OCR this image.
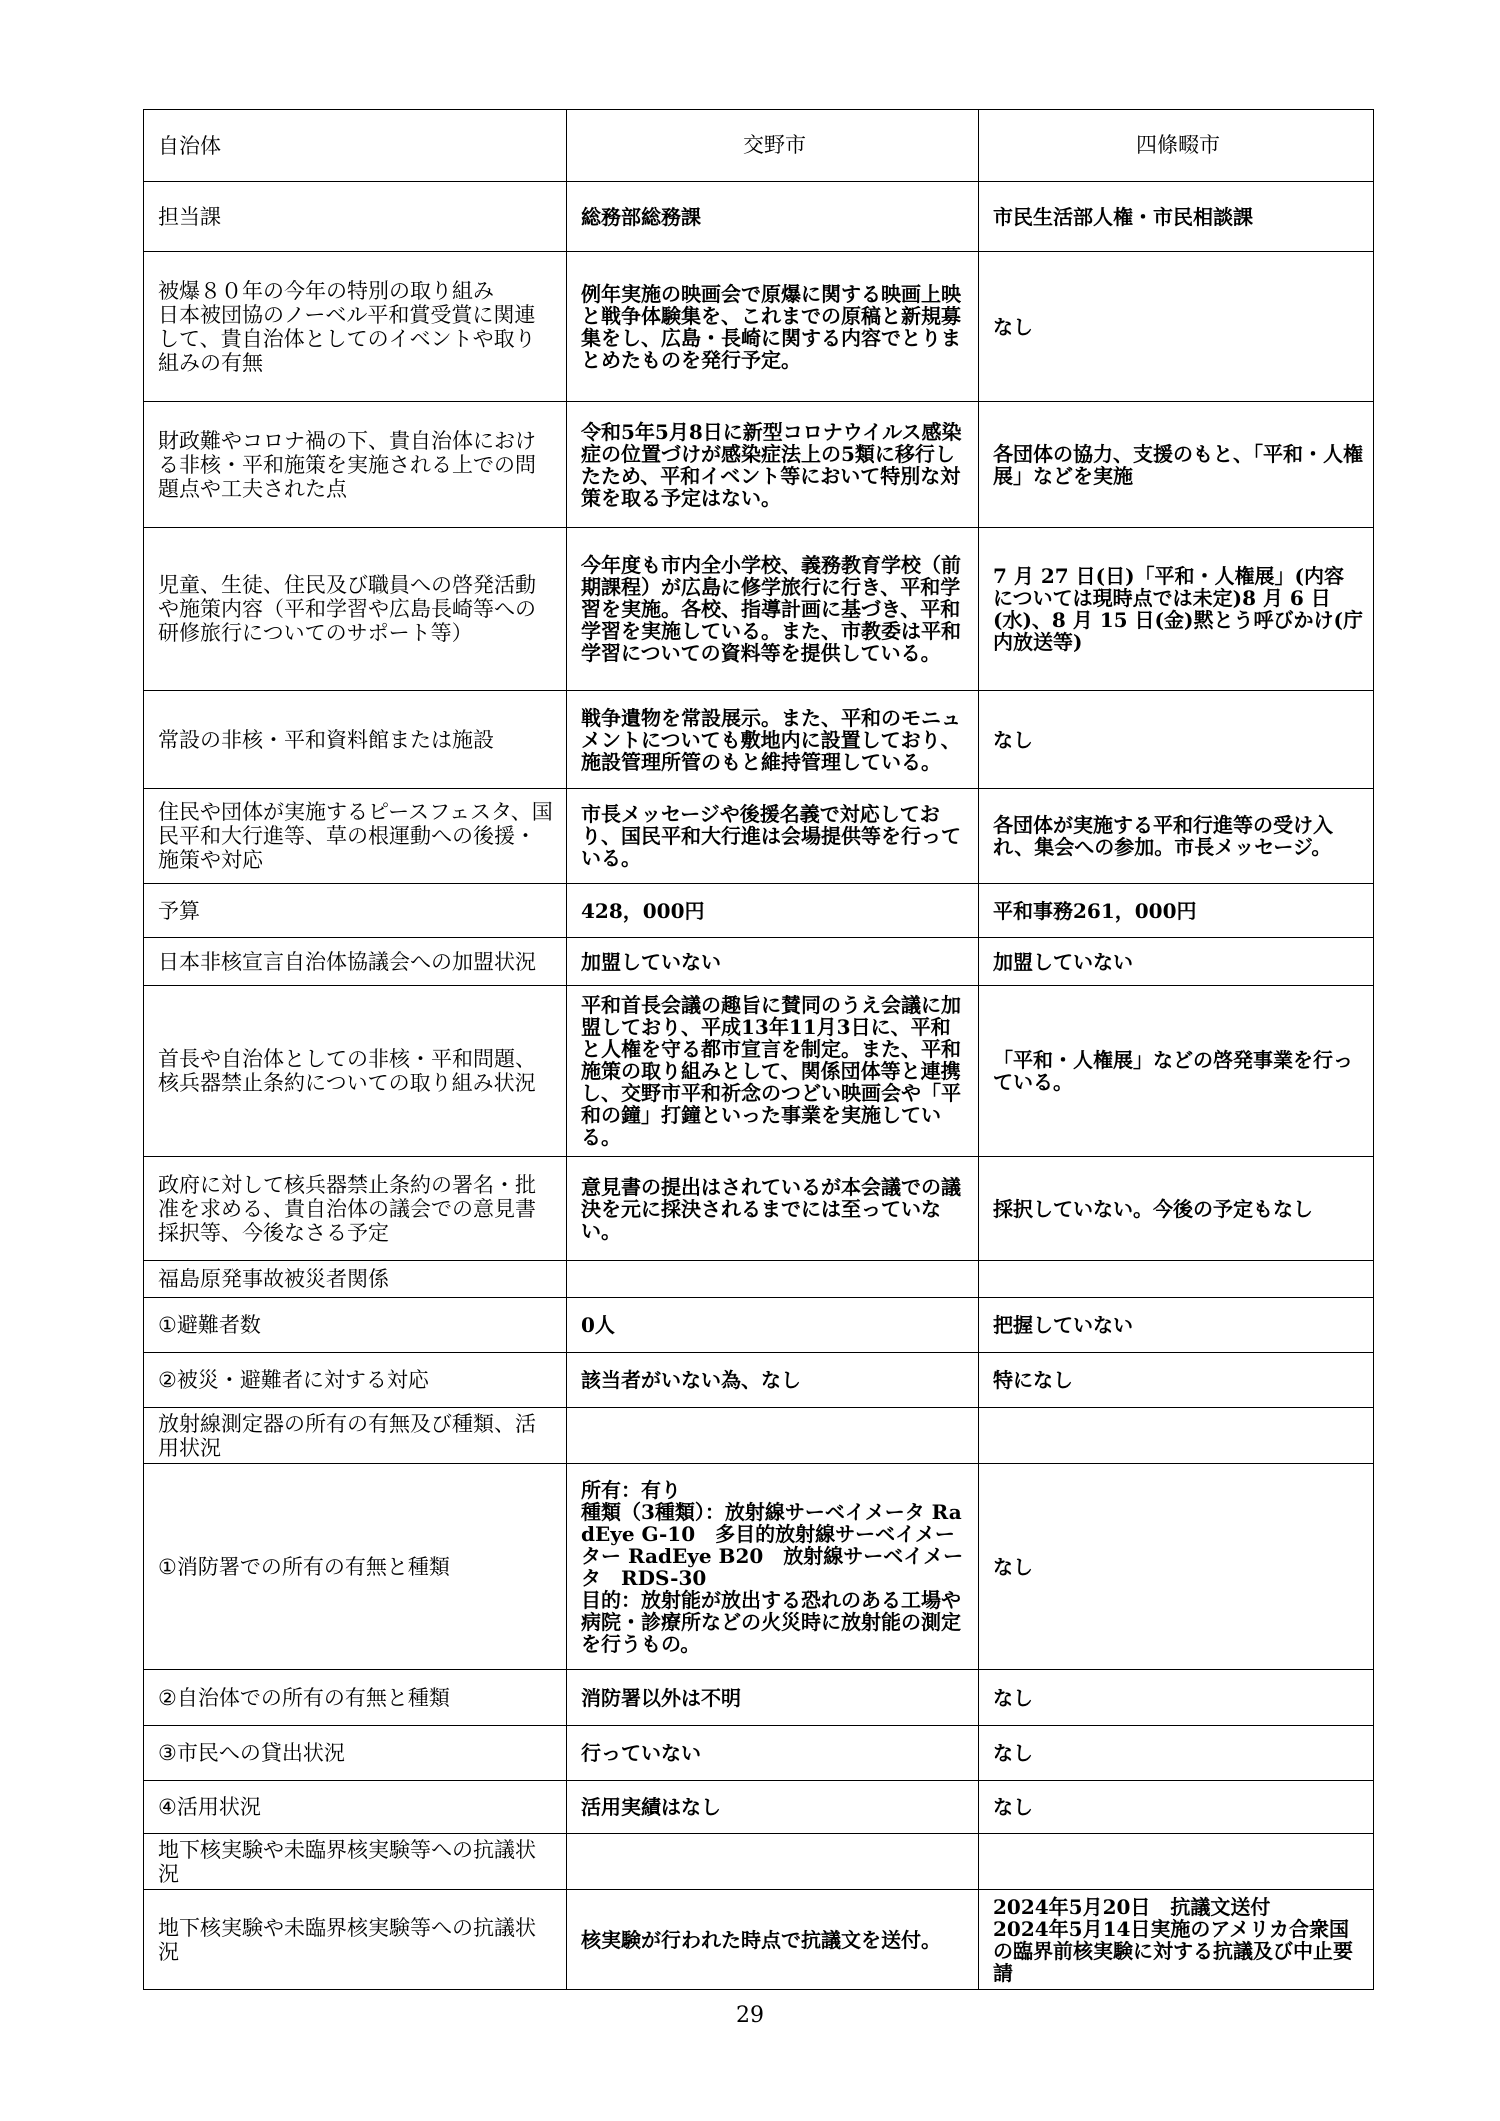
自治体	交野市	四條畷市
担当課	総務部総務課	市民生活部人権・市民相談課
被爆８０年の今年の特別の取り組み
日本被団協のノーベル平和賞受賞に関連して、貴自治体としてのイベントや取り組みの有無	例年実施の映画会で原爆に関する映画上映と戦争体験集を、これまでの原稿と新規募集をし、広島・長崎に関する内容でとりまとめたものを発行予定。	なし
財政難やコロナ禍の下、貴自治体における非核・平和施策を実施される上での問題点や工夫された点	令和5年5月8日に新型コロナウイルス感染症の位置づけが感染症法上の5類に移行したため、平和イベント等において特別な対策を取る予定はない。	各団体の協力、支援のもと、「平和・人権展」などを実施
児童、生徒、住民及び職員への啓発活動や施策内容（平和学習や広島長崎等への研修旅行についてのサポート等）	今年度も市内全小学校、義務教育学校（前期課程）が広島に修学旅行に行き、平和学習を実施。各校、指導計画に基づき、平和学習を実施している。また、市教委は平和学習についての資料等を提供している。	7 月 27 日(日)「平和・人権展」(内容については現時点では未定)8 月 6 日(水)、8 月 15 日(金)黙とう呼びかけ(庁内放送等)
常設の非核・平和資料館または施設	戦争遺物を常設展示。また、平和のモニュメントについても敷地内に設置しており、施設管理所管のもと維持管理している。	なし
住民や団体が実施するピースフェスタ、国民平和大行進等、草の根運動への後援・施策や対応	市長メッセージや後援名義で対応しており、国民平和大行進は会場提供等を行っている。	各団体が実施する平和行進等の受け入れ、集会への参加。市長メッセージ。
予算	428，000円	平和事務261，000円
日本非核宣言自治体協議会への加盟状況	加盟していない	加盟していない
首長や自治体としての非核・平和問題、核兵器禁止条約についての取り組み状況	平和首長会議の趣旨に賛同のうえ会議に加盟しており、平成13年11月3日に、平和と人権を守る都市宣言を制定。また、平和施策の取り組みとして、関係団体等と連携し、交野市平和祈念のつどい映画会や「平和の鐘」打鐘といった事業を実施している。	「平和・人権展」などの啓発事業を行っている。
政府に対して核兵器禁止条約の署名・批准を求める、貴自治体の議会での意見書採択等、今後なさる予定	意見書の提出はされているが本会議での議決を元に採決されるまでには至っていない。	採択していない。今後の予定もなし
福島原発事故被災者関係		
①避難者数	0人	把握していない
②被災・避難者に対する対応	該当者がいない為、なし	特になし
放射線測定器の所有の有無及び種類、活用状況		
①消防署での所有の有無と種類	所有：有り
種類（3種類）：放射線サーベイメータ RadEye G-10　多目的放射線サーベイメーター RadEye B20　放射線サーベイメータ　RDS-30
目的：放射能が放出する恐れのある工場や病院・診療所などの火災時に放射能の測定を行うもの。	なし
②自治体での所有の有無と種類	消防署以外は不明	なし
③市民への貸出状況	行っていない	なし
④活用状況	活用実績はなし	なし
地下核実験や未臨界核実験等への抗議状況		
地下核実験や未臨界核実験等への抗議状況	核実験が行われた時点で抗議文を送付。	2024年5月20日　抗議文送付
2024年5月14日実施のアメリカ合衆国の臨界前核実験に対する抗議及び中止要請
29
